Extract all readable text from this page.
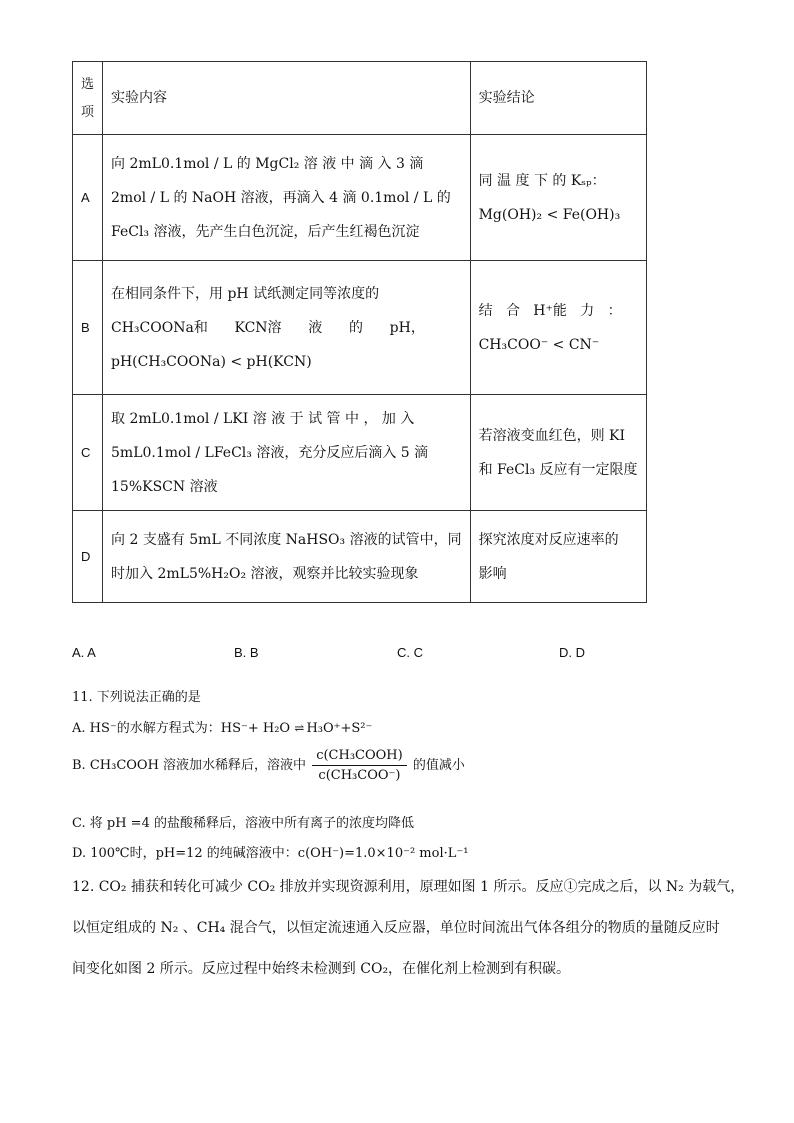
选
项	实验内容	实验结论
A	向 2mL0.1mol / L 的 MgCl₂ 溶 液 中 滴 入 3 滴
2mol / L 的 NaOH 溶液，再滴入 4 滴 0.1mol / L 的
FeCl₃ 溶液，先产生白色沉淀，后产生红褐色沉淀	同 温 度 下 的 Kₛₚ：
Mg(OH)₂ < Fe(OH)₃

B	在相同条件下，用 pH 试纸测定同等浓度的
CH₃COONa和      KCN溶      液      的      pH，
pH(CH₃COONa) < pH(KCN)	结   合   H⁺能   力   ：
CH₃COO⁻ < CN⁻

C	取 2mL0.1mol / LKI 溶 液 于 试 管 中 ， 加 入
5mL0.1mol / LFeCl₃ 溶液，充分反应后滴入 5 滴
15%KSCN 溶液	若溶液变血红色，则 KI
和 FeCl₃ 反应有一定限度

D	向 2 支盛有 5mL 不同浓度 NaHSO₃ 溶液的试管中，同
时加入 2mL5%H₂O₂ 溶液，观察并比较实验现象	探究浓度对反应速率的
影响
A. A	B. B	C. C	D. D
11. 下列说法正确的是
A. HS⁻的水解方程式为：HS⁻+ H₂O ⇌ H₃O⁺+S²⁻
B. CH₃COOH 溶液加水稀释后，溶液中 $\frac{\text{c(CH₃COOH)}}{\text{c(CH₃COO⁻)}}$ 的值减小
C. 将 pH =4 的盐酸稀释后，溶液中所有离子的浓度均降低
D. 100℃时，pH=12 的纯碱溶液中：c(OH⁻)=1.0×10⁻² mol·L⁻¹
12. CO₂ 捕获和转化可减少 CO₂ 排放并实现资源利用，原理如图 1 所示。反应①完成之后，以 N₂ 为载气，
以恒定组成的 N₂ 、CH₄ 混合气，以恒定流速通入反应器，单位时间流出气体各组分的物质的量随反应时
间变化如图 2 所示。反应过程中始终未检测到 CO₂，在催化剂上检测到有积碳。
